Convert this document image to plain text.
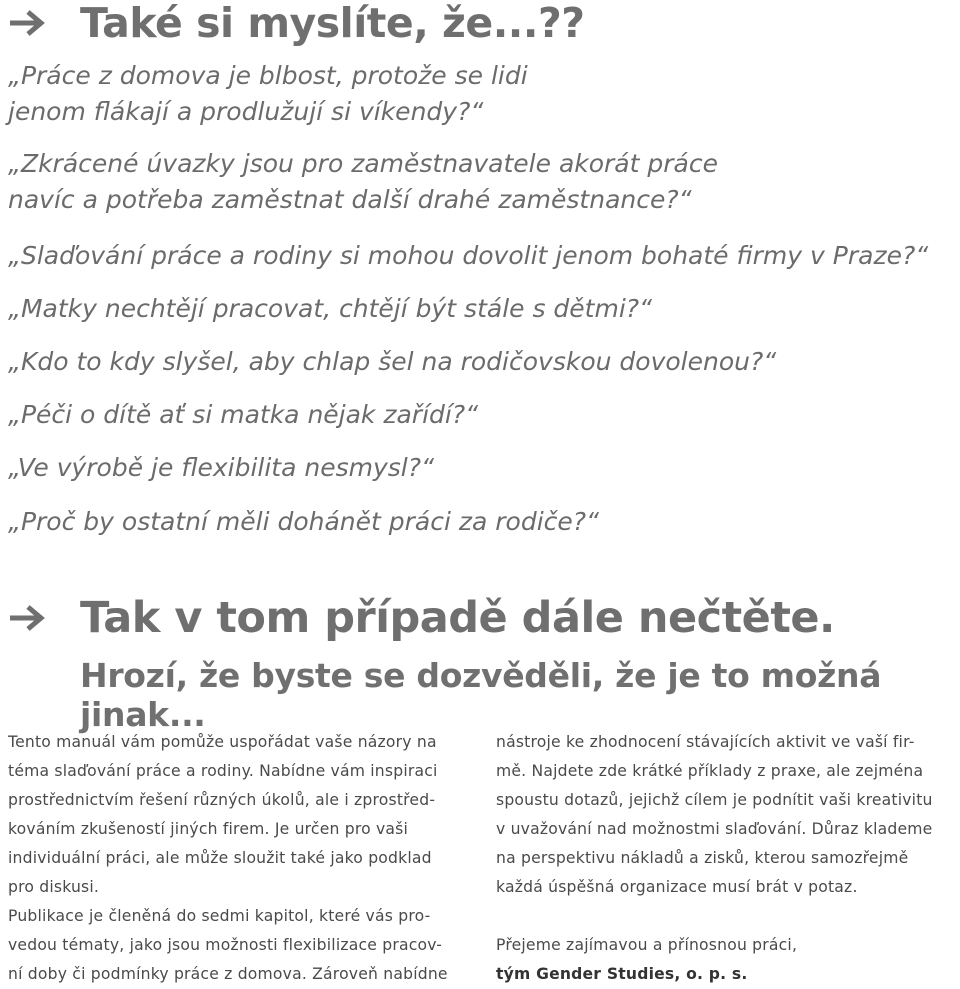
Také si myslíte, že...??

„Práce z domova je blbost, protože se lidi
jenom flákají a prodlužují si víkendy?“

„Zkrácené úvazky jsou pro zaměstnavatele akorát práce
navíc a potřeba zaměstnat další drahé zaměstnance?“

„Slaďování práce a rodiny si mohou dovolit jenom bohaté firmy v Praze?“

„Matky nechtějí pracovat, chtějí být stále s dětmi?“

„Kdo to kdy slyšel, aby chlap šel na rodičovskou dovolenou?“

„Péči o dítě ať si matka nějak zařídí?“

„Ve výrobě je flexibilita nesmysl?“

„Proč by ostatní měli dohánět práci za rodiče?“

Tak v tom případě dále nečtěte.
Hrozí, že byste se dozvěděli, že je to možná jinak...

Tento manuál vám pomůže uspořádat vaše názory na

téma slaďování práce a rodiny. Nabídne vám inspiraci

prostřednictvím řešení různých úkolů, ale i zprostřed-

kováním zkušeností jiných firem. Je určen pro vaši

individuální práci, ale může sloužit také jako podklad

pro diskusi.

Publikace je členěná do sedmi kapitol, které vás pro-

vedou tématy, jako jsou možnosti flexibilizace pracov-

ní doby či podmínky práce z domova. Zároveň nabídne

nástroje ke zhodnocení stávajících aktivit ve vaší fir-

mě. Najdete zde krátké příklady z praxe, ale zejména

spoustu dotazů, jejichž cílem je podnítit vaši kreativitu

v uvažování nad možnostmi slaďování. Důraz klademe

na perspektivu nákladů a zisků, kterou samozřejmě

každá úspěšná organizace musí brát v potaz.

Přejeme zajímavou a přínosnou práci,

tým Gender Studies, o. p. s.
